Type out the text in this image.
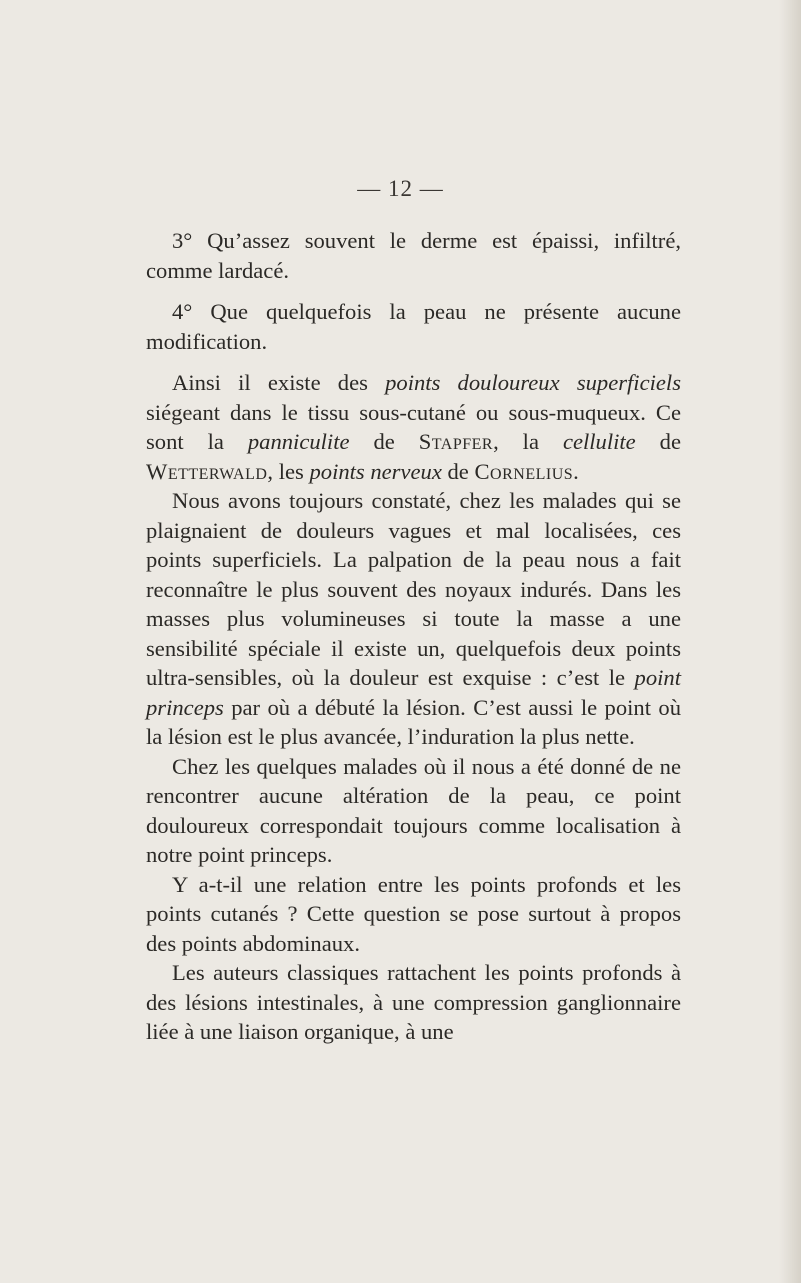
— 12 —

3° Qu’assez souvent le derme est épaissi, infiltré, comme lardacé.

4° Que quelquefois la peau ne présente aucune modification.

Ainsi il existe des points douloureux superficiels siégeant dans le tissu sous-cutané ou sous-muqueux. Ce sont la panniculite de Stapfer, la cellulite de Wetterwald, les points nerveux de Cornelius.

Nous avons toujours constaté, chez les malades qui se plaignaient de douleurs vagues et mal localisées, ces points superficiels. La palpation de la peau nous a fait reconnaître le plus souvent des noyaux indurés. Dans les masses plus volumineuses si toute la masse a une sensibilité spéciale il existe un, quelquefois deux points ultra-sensibles, où la douleur est exquise : c’est le point princeps par où a débuté la lésion. C’est aussi le point où la lésion est le plus avancée, l’induration la plus nette.

Chez les quelques malades où il nous a été donné de ne rencontrer aucune altération de la peau, ce point douloureux correspondait toujours comme localisation à notre point princeps.

Y a-t-il une relation entre les points profonds et les points cutanés ? Cette question se pose surtout à propos des points abdominaux.

Les auteurs classiques rattachent les points profonds à des lésions intestinales, à une compression ganglionnaire liée à une liaison organique, à une
